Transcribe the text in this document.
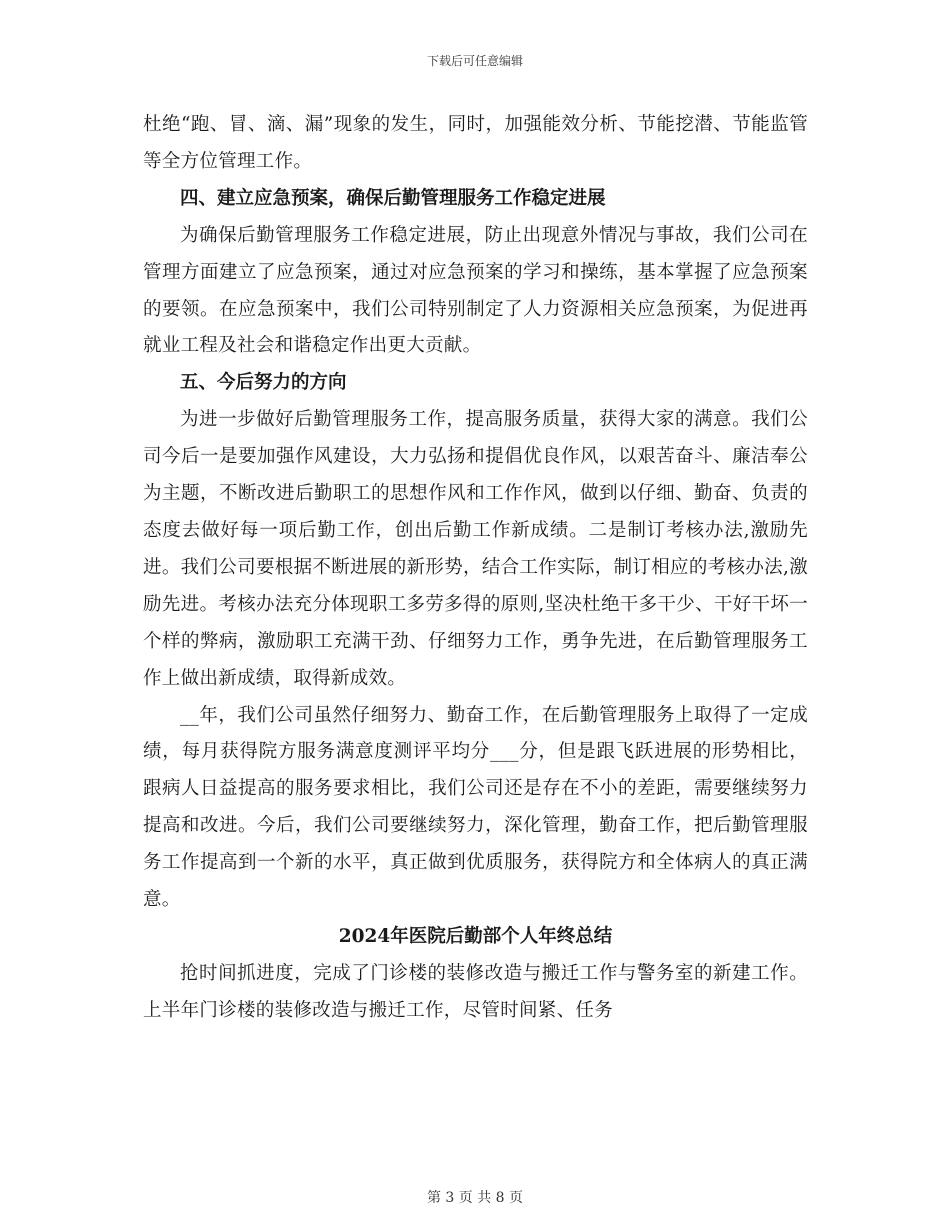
下载后可任意编辑

杜绝“跑、冒、滴、漏”现象的发生，同时，加强能效分析、节能挖潜、节能监管等全方位管理工作。

四、建立应急预案，确保后勤管理服务工作稳定进展

为确保后勤管理服务工作稳定进展，防止出现意外情况与事故，我们公司在管理方面建立了应急预案，通过对应急预案的学习和操练，基本掌握了应急预案的要领。在应急预案中，我们公司特别制定了人力资源相关应急预案，为促进再就业工程及社会和谐稳定作出更大贡献。

五、今后努力的方向

为进一步做好后勤管理服务工作，提高服务质量，获得大家的满意。我们公司今后一是要加强作风建设，大力弘扬和提倡优良作风，以艰苦奋斗、廉洁奉公为主题，不断改进后勤职工的思想作风和工作作风，做到以仔细、勤奋、负责的态度去做好每一项后勤工作，创出后勤工作新成绩。二是制订考核办法,激励先进。我们公司要根据不断进展的新形势，结合工作实际，制订相应的考核办法,激励先进。考核办法充分体现职工多劳多得的原则,坚决杜绝干多干少、干好干坏一个样的弊病，激励职工充满干劲、仔细努力工作，勇争先进，在后勤管理服务工作上做出新成绩，取得新成效。

__年，我们公司虽然仔细努力、勤奋工作，在后勤管理服务上取得了一定成绩，每月获得院方服务满意度测评平均分___分，但是跟飞跃进展的形势相比，跟病人日益提高的服务要求相比，我们公司还是存在不小的差距，需要继续努力提高和改进。今后，我们公司要继续努力，深化管理，勤奋工作，把后勤管理服务工作提高到一个新的水平，真正做到优质服务，获得院方和全体病人的真正满意。

2024年医院后勤部个人年终总结

抢时间抓进度，完成了门诊楼的装修改造与搬迁工作与警务室的新建工作。上半年门诊楼的装修改造与搬迁工作，尽管时间紧、任务

第 3 页 共 8 页
